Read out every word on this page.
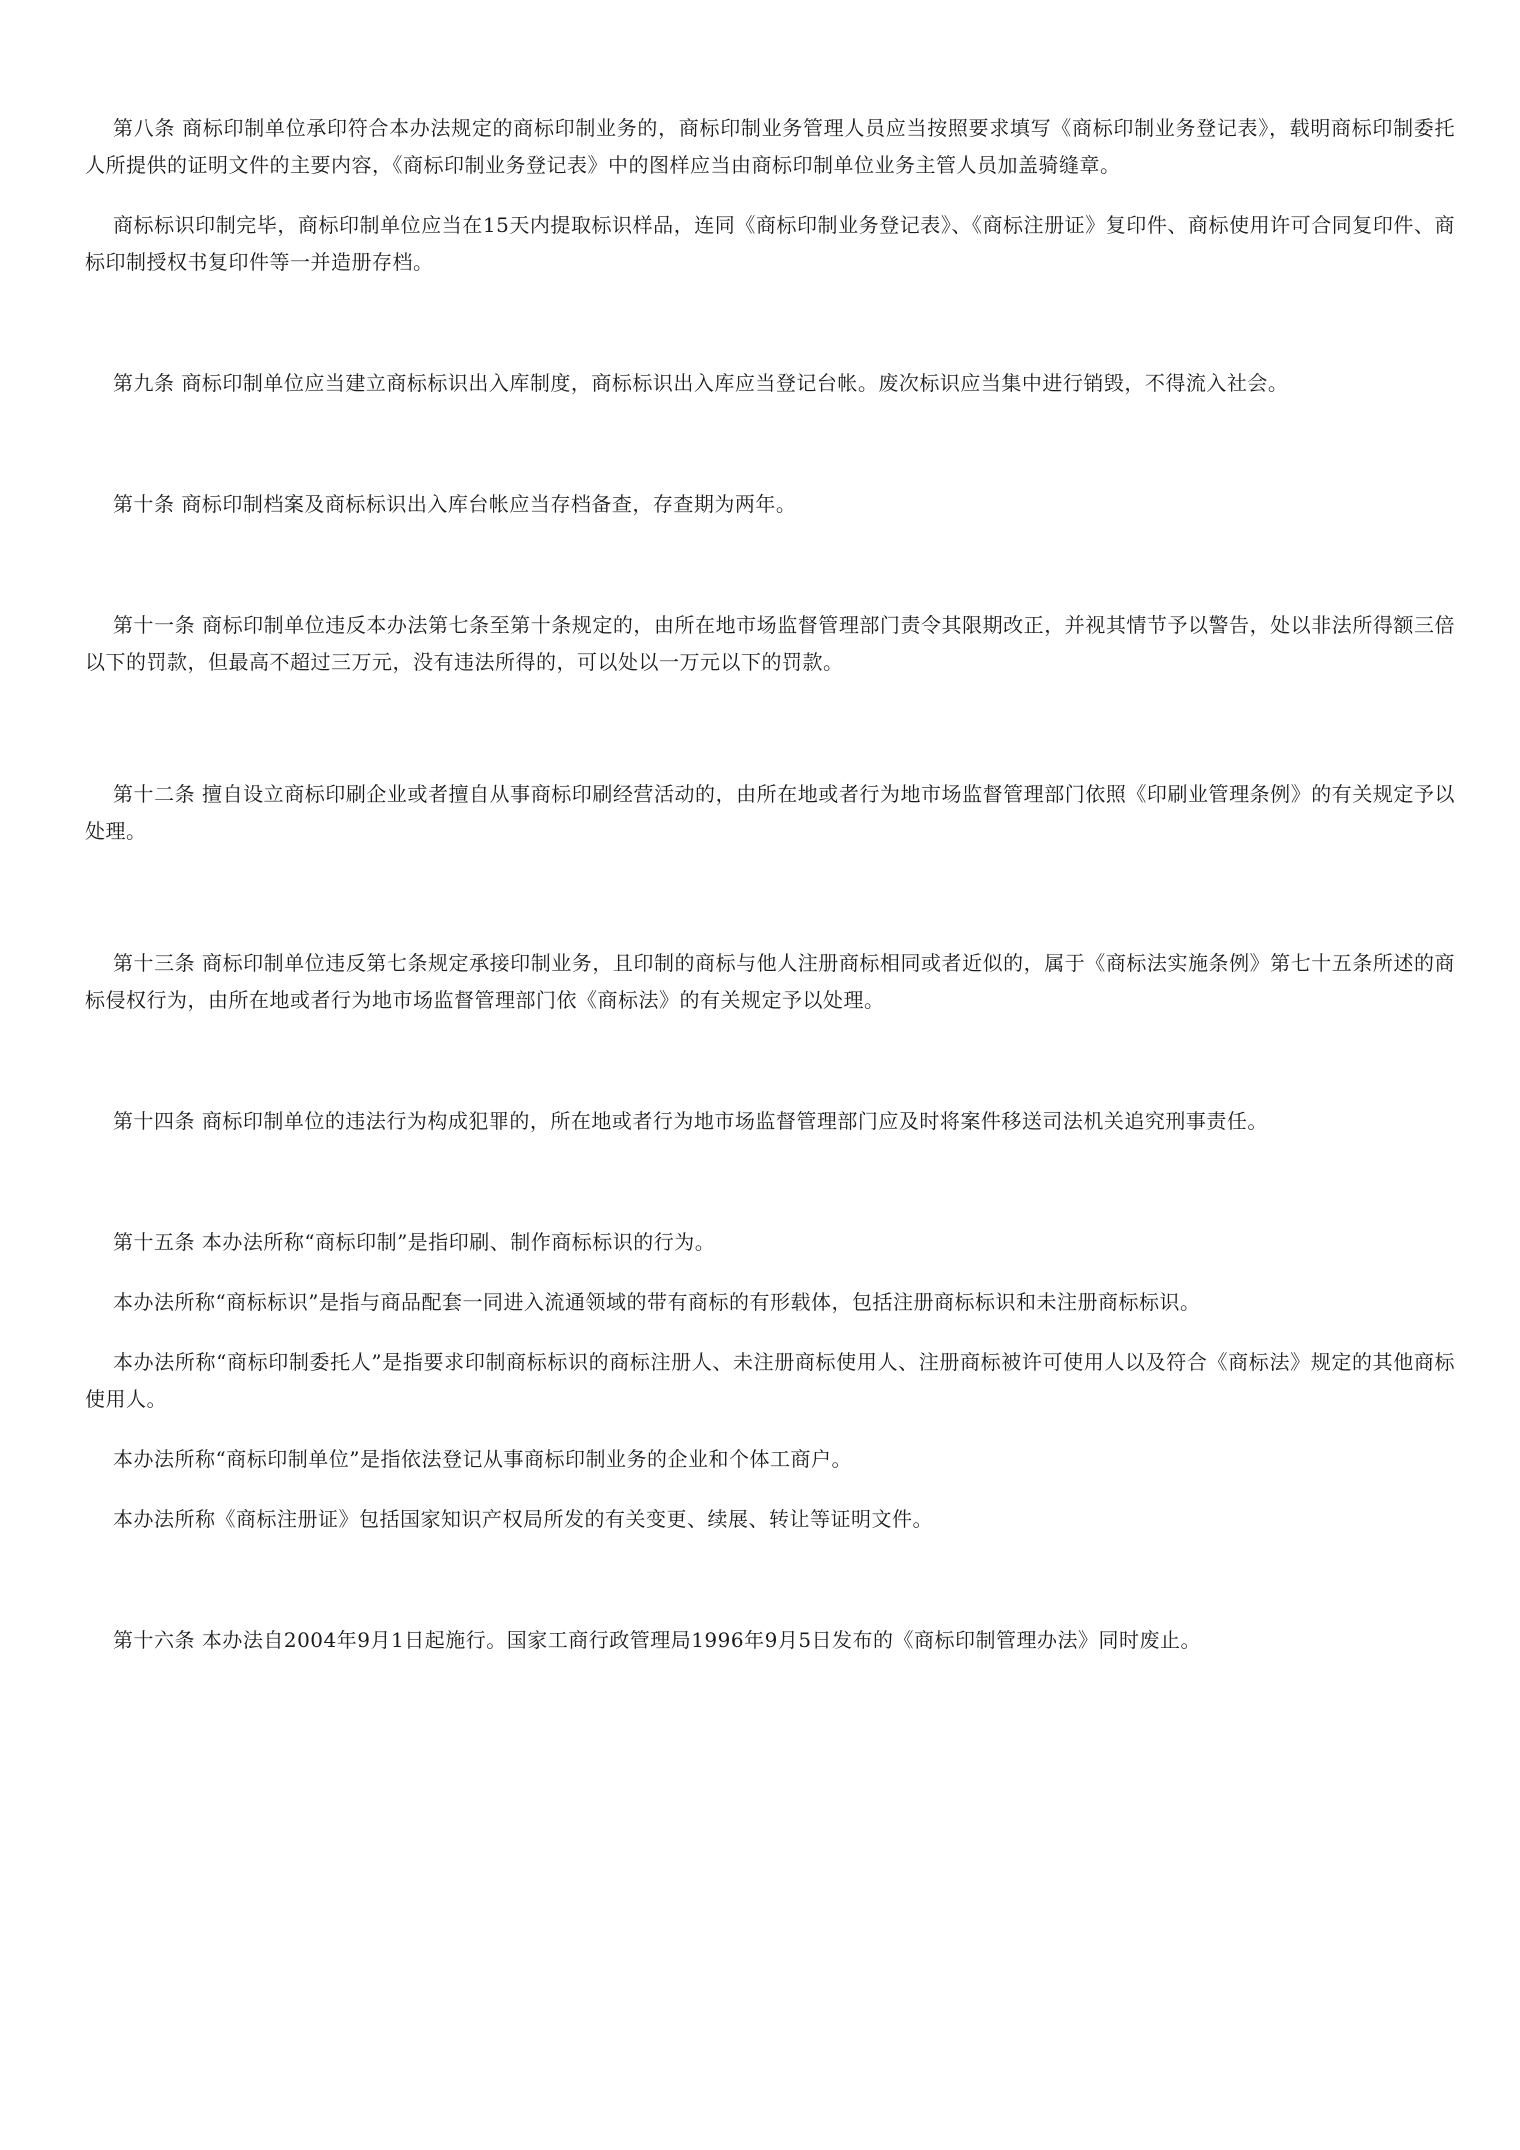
第八条 商标印制单位承印符合本办法规定的商标印制业务的，商标印制业务管理人员应当按照要求填写《商标印制业务登记表》，载明商标印制委托人所提供的证明文件的主要内容，《商标印制业务登记表》中的图样应当由商标印制单位业务主管人员加盖骑缝章。

商标标识印制完毕，商标印制单位应当在15天内提取标识样品，连同《商标印制业务登记表》、《商标注册证》复印件、商标使用许可合同复印件、商标印制授权书复印件等一并造册存档。

第九条 商标印制单位应当建立商标标识出入库制度，商标标识出入库应当登记台帐。废次标识应当集中进行销毁，不得流入社会。

第十条 商标印制档案及商标标识出入库台帐应当存档备查，存查期为两年。

第十一条 商标印制单位违反本办法第七条至第十条规定的，由所在地市场监督管理部门责令其限期改正，并视其情节予以警告，处以非法所得额三倍以下的罚款，但最高不超过三万元，没有违法所得的，可以处以一万元以下的罚款。

第十二条 擅自设立商标印刷企业或者擅自从事商标印刷经营活动的，由所在地或者行为地市场监督管理部门依照《印刷业管理条例》的有关规定予以处理。

第十三条 商标印制单位违反第七条规定承接印制业务，且印制的商标与他人注册商标相同或者近似的，属于《商标法实施条例》第七十五条所述的商标侵权行为，由所在地或者行为地市场监督管理部门依《商标法》的有关规定予以处理。

第十四条 商标印制单位的违法行为构成犯罪的，所在地或者行为地市场监督管理部门应及时将案件移送司法机关追究刑事责任。

第十五条 本办法所称“商标印制”是指印刷、制作商标标识的行为。

本办法所称“商标标识”是指与商品配套一同进入流通领域的带有商标的有形载体，包括注册商标标识和未注册商标标识。

本办法所称“商标印制委托人”是指要求印制商标标识的商标注册人、未注册商标使用人、注册商标被许可使用人以及符合《商标法》规定的其他商标使用人。

本办法所称“商标印制单位”是指依法登记从事商标印制业务的企业和个体工商户。

本办法所称《商标注册证》包括国家知识产权局所发的有关变更、续展、转让等证明文件。

第十六条 本办法自2004年9月1日起施行。国家工商行政管理局1996年9月5日发布的《商标印制管理办法》同时废止。
